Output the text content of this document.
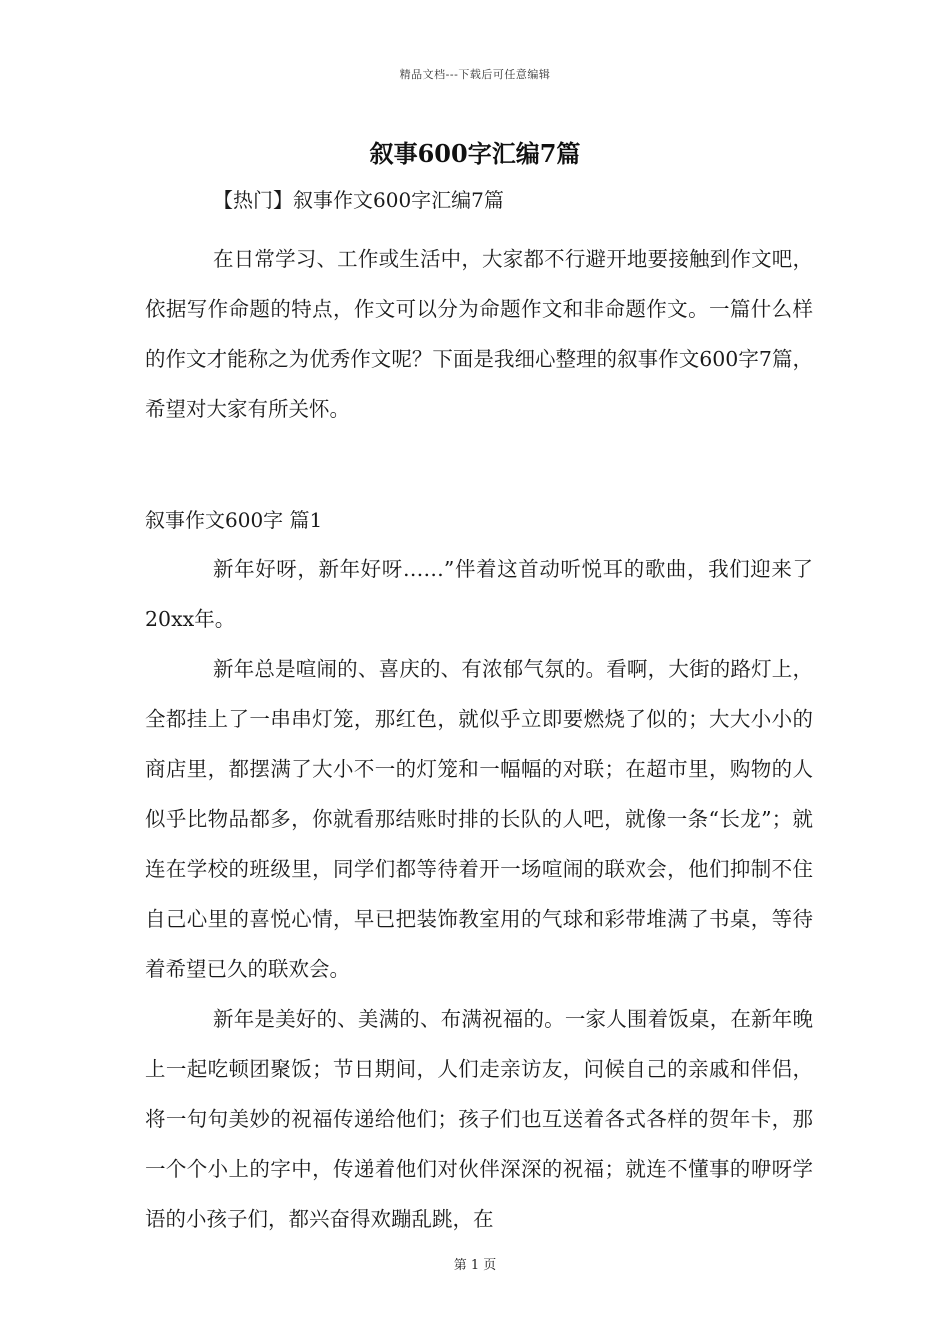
精品文档---下载后可任意编辑
叙事600字汇编7篇

【热门】叙事作文600字汇编7篇

在日常学习、工作或生活中，大家都不行避开地要接触到作文吧，依据写作命题的特点，作文可以分为命题作文和非命题作文。一篇什么样的作文才能称之为优秀作文呢？下面是我细心整理的叙事作文600字7篇，希望对大家有所关怀。

叙事作文600字 篇1

新年好呀，新年好呀……”伴着这首动听悦耳的歌曲，我们迎来了20xx年。

新年总是喧闹的、喜庆的、有浓郁气氛的。看啊，大街的路灯上，全都挂上了一串串灯笼，那红色，就似乎立即要燃烧了似的；大大小小的商店里，都摆满了大小不一的灯笼和一幅幅的对联；在超市里，购物的人似乎比物品都多，你就看那结账时排的长队的人吧，就像一条“长龙”；就连在学校的班级里，同学们都等待着开一场喧闹的联欢会，他们抑制不住自己心里的喜悦心情，早已把装饰教室用的气球和彩带堆满了书桌，等待着希望已久的联欢会。

新年是美好的、美满的、布满祝福的。一家人围着饭桌，在新年晚上一起吃顿团聚饭；节日期间，人们走亲访友，问候自己的亲戚和伴侣，将一句句美妙的祝福传递给他们；孩子们也互送着各式各样的贺年卡，那一个个小上的字中，传递着他们对伙伴深深的祝福；就连不懂事的咿呀学语的小孩子们，都兴奋得欢蹦乱跳，在

第 1 页
